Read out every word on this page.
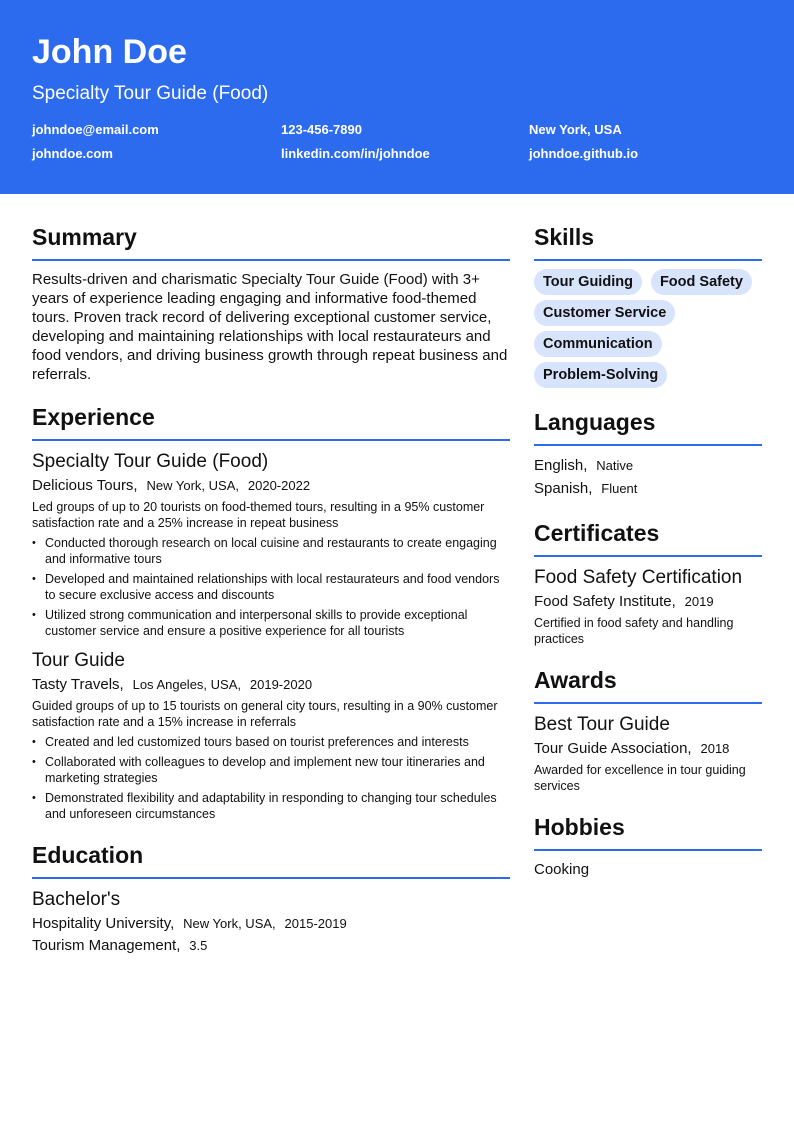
John Doe
Specialty Tour Guide (Food)
johndoe@email.com	123-456-7890	New York, USA
johndoe.com	linkedin.com/in/johndoe	johndoe.github.io
Summary
Results-driven and charismatic Specialty Tour Guide (Food) with 3+ years of experience leading engaging and informative food-themed tours. Proven track record of delivering exceptional customer service, developing and maintaining relationships with local restaurateurs and food vendors, and driving business growth through repeat business and referrals.
Experience
Specialty Tour Guide (Food)
Delicious Tours, New York, USA, 2020-2022
Led groups of up to 20 tourists on food-themed tours, resulting in a 95% customer satisfaction rate and a 25% increase in repeat business
• Conducted thorough research on local cuisine and restaurants to create engaging and informative tours
• Developed and maintained relationships with local restaurateurs and food vendors to secure exclusive access and discounts
• Utilized strong communication and interpersonal skills to provide exceptional customer service and ensure a positive experience for all tourists
Tour Guide
Tasty Travels, Los Angeles, USA, 2019-2020
Guided groups of up to 15 tourists on general city tours, resulting in a 90% customer satisfaction rate and a 15% increase in referrals
• Created and led customized tours based on tourist preferences and interests
• Collaborated with colleagues to develop and implement new tour itineraries and marketing strategies
• Demonstrated flexibility and adaptability in responding to changing tour schedules and unforeseen circumstances
Education
Bachelor's
Hospitality University, New York, USA, 2015-2019
Tourism Management, 3.5
Skills
Tour Guiding Food Safety
Customer Service
Communication
Problem-Solving
Languages
English, Native
Spanish, Fluent
Certificates
Food Safety Certification
Food Safety Institute, 2019
Certified in food safety and handling practices
Awards
Best Tour Guide
Tour Guide Association, 2018
Awarded for excellence in tour guiding services
Hobbies
Cooking
